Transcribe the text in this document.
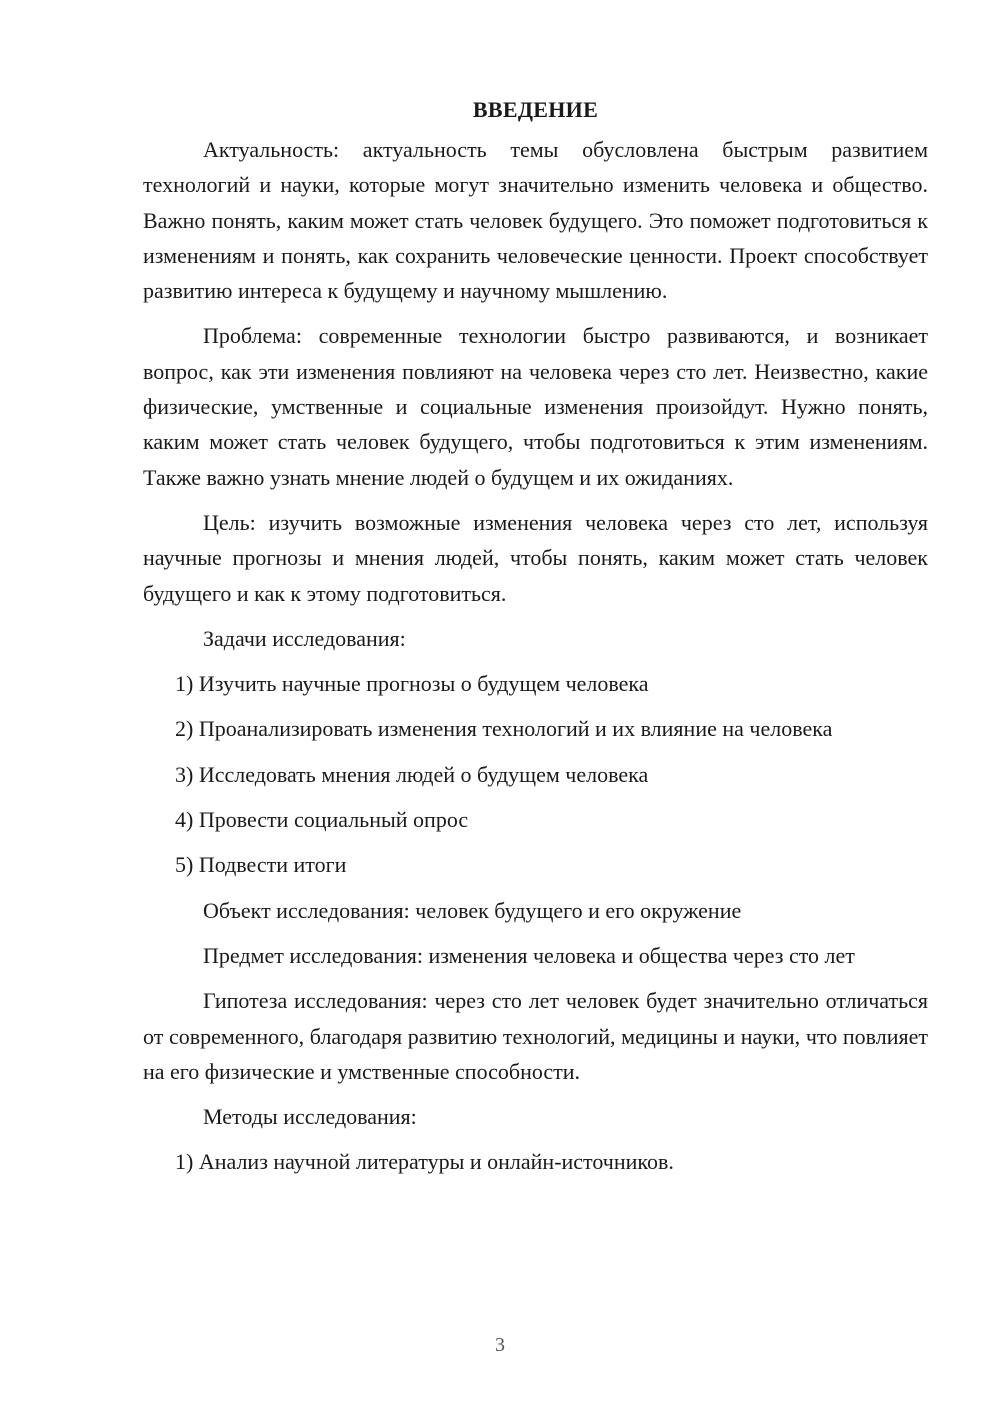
ВВЕДЕНИЕ

Актуальность: актуальность темы обусловлена быстрым развитием технологий и науки, которые могут значительно изменить человека и общество. Важно понять, каким может стать человек будущего. Это поможет подготовиться к изменениям и понять, как сохранить человеческие ценности. Проект способствует развитию интереса к будущему и научному мышлению.

Проблема: современные технологии быстро развиваются, и возникает вопрос, как эти изменения повлияют на человека через сто лет. Неизвестно, какие физические, умственные и социальные изменения произойдут. Нужно понять, каким может стать человек будущего, чтобы подготовиться к этим изменениям. Также важно узнать мнение людей о будущем и их ожиданиях.

Цель: изучить возможные изменения человека через сто лет, используя научные прогнозы и мнения людей, чтобы понять, каким может стать человек будущего и как к этому подготовиться.

Задачи исследования:

1) Изучить научные прогнозы о будущем человека
2) Проанализировать изменения технологий и их влияние на человека
3) Исследовать мнения людей о будущем человека
4) Провести социальный опрос
5) Подвести итоги

Объект исследования: человек будущего и его окружение

Предмет исследования: изменения человека и общества через сто лет

Гипотеза исследования: через сто лет человек будет значительно отличаться от современного, благодаря развитию технологий, медицины и науки, что повлияет на его физические и умственные способности.

Методы исследования:

1) Анализ научной литературы и онлайн-источников.
3
